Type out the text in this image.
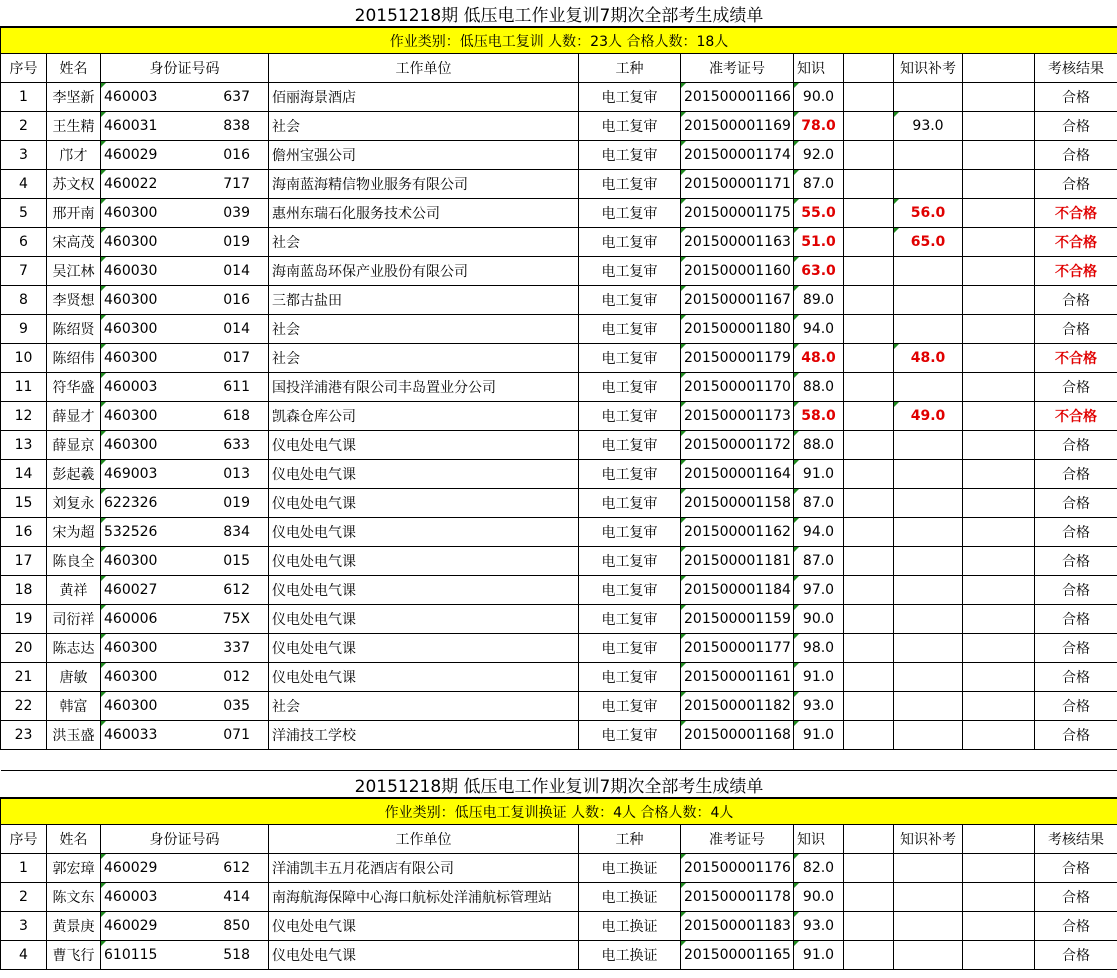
20151218期 低压电工作业复训7期次全部考生成绩单										
作业类别：低压电工复训 人数：23人 合格人数：18人										
序号	姓名	身份证号码	工作单位	工种	准考证号	知识		知识补考		考核结果
1	李坚新	460003 637	佰丽海景酒店	电工复审	201500001166	90.0				合格
2	王生精	460031 838	社会	电工复审	201500001169	78.0		93.0		合格
3	邝才	460029 016	儋州宝强公司	电工复审	201500001174	92.0				合格
4	苏文权	460022 717	海南蓝海精信物业服务有限公司	电工复审	201500001171	87.0				合格
5	邢开南	460300 039	惠州东瑞石化服务技术公司	电工复审	201500001175	55.0		56.0		不合格
6	宋高茂	460300 019	社会	电工复审	201500001163	51.0		65.0		不合格
7	吴江林	460030 014	海南蓝岛环保产业股份有限公司	电工复审	201500001160	63.0				不合格
8	李贤想	460300 016	三都古盐田	电工复审	201500001167	89.0				合格
9	陈绍贤	460300 014	社会	电工复审	201500001180	94.0				合格
10	陈绍伟	460300 017	社会	电工复审	201500001179	48.0		48.0		不合格
11	符华盛	460003 611	国投洋浦港有限公司丰岛置业分公司	电工复审	201500001170	88.0				合格
12	薛显才	460300 618	凯森仓库公司	电工复审	201500001173	58.0		49.0		不合格
13	薛显京	460300 633	仪电处电气课	电工复审	201500001172	88.0				合格
14	彭起羲	469003 013	仪电处电气课	电工复审	201500001164	91.0				合格
15	刘复永	622326 019	仪电处电气课	电工复审	201500001158	87.0				合格
16	宋为超	532526 834	仪电处电气课	电工复审	201500001162	94.0				合格
17	陈良全	460300 015	仪电处电气课	电工复审	201500001181	87.0				合格
18	黄祥	460027 612	仪电处电气课	电工复审	201500001184	97.0				合格
19	司衍祥	460006 75X	仪电处电气课	电工复审	201500001159	90.0				合格
20	陈志达	460300 337	仪电处电气课	电工复审	201500001177	98.0				合格
21	唐敏	460300 012	仪电处电气课	电工复审	201500001161	91.0				合格
22	韩富	460300 035	社会	电工复审	201500001182	93.0				合格
23	洪玉盛	460033 071	洋浦技工学校	电工复审	201500001168	91.0				合格
20151218期 低压电工作业复训7期次全部考生成绩单										
作业类别：低压电工复训换证 人数：4人 合格人数：4人										
序号	姓名	身份证号码	工作单位	工种	准考证号	知识		知识补考		考核结果
1	郭宏璋	460029 612	洋浦凯丰五月花酒店有限公司	电工换证	201500001176	82.0				合格
2	陈文东	460003 414	南海航海保障中心海口航标处洋浦航标管理站	电工换证	201500001178	90.0				合格
3	黄景庚	460029 850	仪电处电气课	电工换证	201500001183	93.0				合格
4	曹飞行	610115 518	仪电处电气课	电工换证	201500001165	91.0				合格
